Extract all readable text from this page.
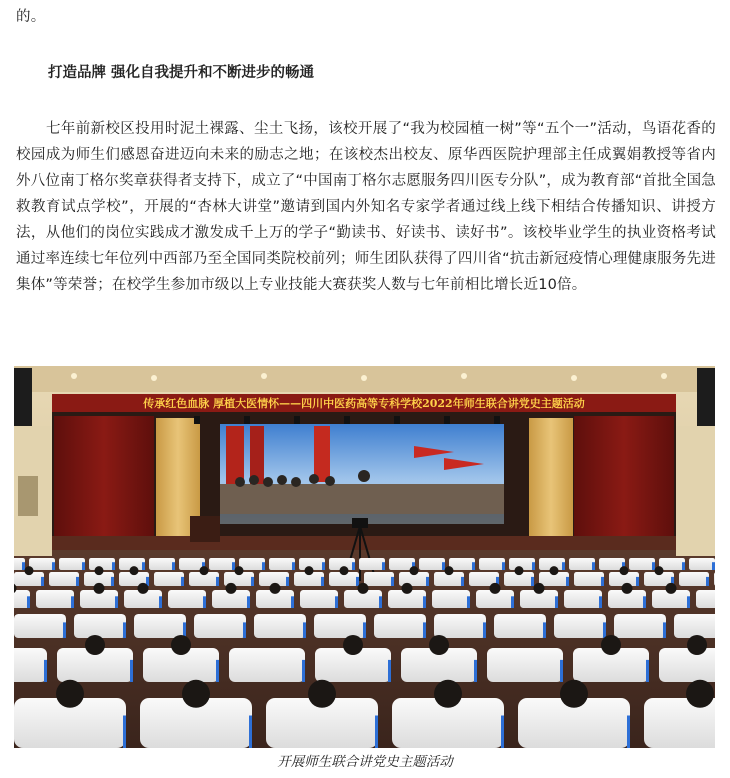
的。

打造品牌 强化自我提升和不断进步的畅通

七年前新校区投用时泥土裸露、尘土飞扬，该校开展了“我为校园植一树”等“五个一”活动，鸟语花香的校园成为师生们感恩奋进迈向未来的励志之地；在该校杰出校友、原华西医院护理部主任成翼娟教授等省内外八位南丁格尔奖章获得者支持下，成立了“中国南丁格尔志愿服务四川医专分队”，成为教育部“首批全国急救教育试点学校”，开展的“杏林大讲堂”邀请到国内外知名专家学者通过线上线下相结合传播知识、讲授方法，从他们的岗位实践成才激发成千上万的学子“勤读书、好读书、读好书”。该校毕业学生的执业资格考试通过率连续七年位列中西部乃至全国同类院校前列；师生团队获得了四川省“抗击新冠疫情心理健康服务先进集体”等荣誉；在校学生参加市级以上专业技能大赛获奖人数与七年前相比增长近10倍。

传承红色血脉 厚植大医情怀——四川中医药高等专科学校2022年师生联合讲党史主题活动
开展师生联合讲党史主题活动
